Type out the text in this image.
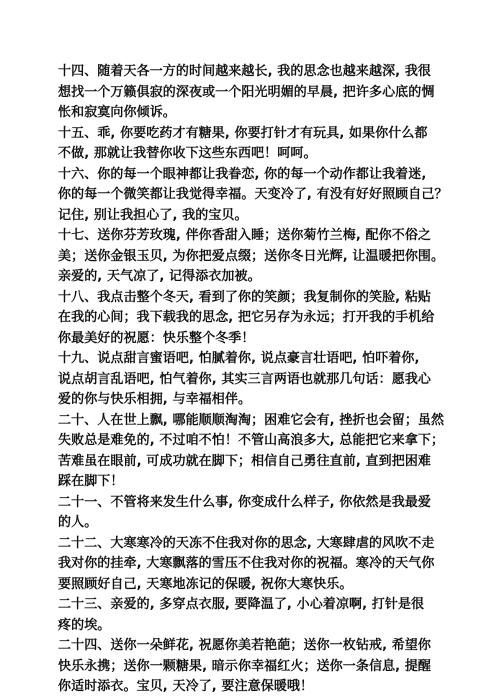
十四、随着天各一方的时间越来越长, 我的思念也越来越深, 我很
想找一个万籁俱寂的深夜或一个阳光明媚的早晨, 把许多心底的惆
怅和寂寞向你倾诉。

十五、乖, 你要吃药才有糖果, 你要打针才有玩具, 如果你什么都
不做, 那就让我替你收下这些东西吧！呵呵。

十六、你的每一个眼神都让我眷恋, 你的每一个动作都让我着迷,
你的每一个微笑都让我觉得幸福。天变冷了, 有没有好好照顾自己？
记住, 别让我担心了, 我的宝贝。

十七、送你芬芳玫瑰, 伴你香甜入睡；送你菊竹兰梅, 配你不俗之
美；送你金银玉贝, 为你把爱点缀；送你冬日光辉, 让温暖把你围。
亲爱的, 天气凉了, 记得添衣加被。

十八、我点击整个冬天, 看到了你的笑颜；我复制你的笑脸, 粘贴
在我的心间；我下载我的思念, 把它另存为永远；打开我的手机给
你最美好的祝愿：快乐整个冬季！

十九、说点甜言蜜语吧, 怕腻着你, 说点豪言壮语吧, 怕吓着你,
说点胡言乱语吧, 怕气着你, 其实三言两语也就那几句话：愿我心
爱的你与快乐相拥, 与幸福相伴。

二十、人在世上飘, 哪能顺顺淘淘；困难它会有, 挫折也会留；虽然
失败总是难免的, 不过咱不怕！不管山高浪多大, 总能把它来拿下；
苦难虽在眼前, 可成功就在脚下；相信自己勇往直前, 直到把困难
踩在脚下！

二十一、不管将来发生什么事, 你变成什么样子, 你依然是我最爱
的人。

二十二、大寒寒冷的天冻不住我对你的思念, 大寒肆虐的风吹不走
我对你的挂牵, 大寒飘落的雪压不住我对你的祝福。寒冷的天气你
要照顾好自己, 天寒地冻记的保暖, 祝你大寒快乐。

二十三、亲爱的, 多穿点衣服, 要降温了, 小心着凉啊, 打针是很
疼的埃。

二十四、送你一朵鲜花, 祝愿你美若艳葩；送你一枚钻戒, 希望你
快乐永携；送你一颗糖果, 暗示你幸福红火；送你一条信息, 提醒
你适时添衣。宝贝, 天冷了, 要注意保暖哦！
